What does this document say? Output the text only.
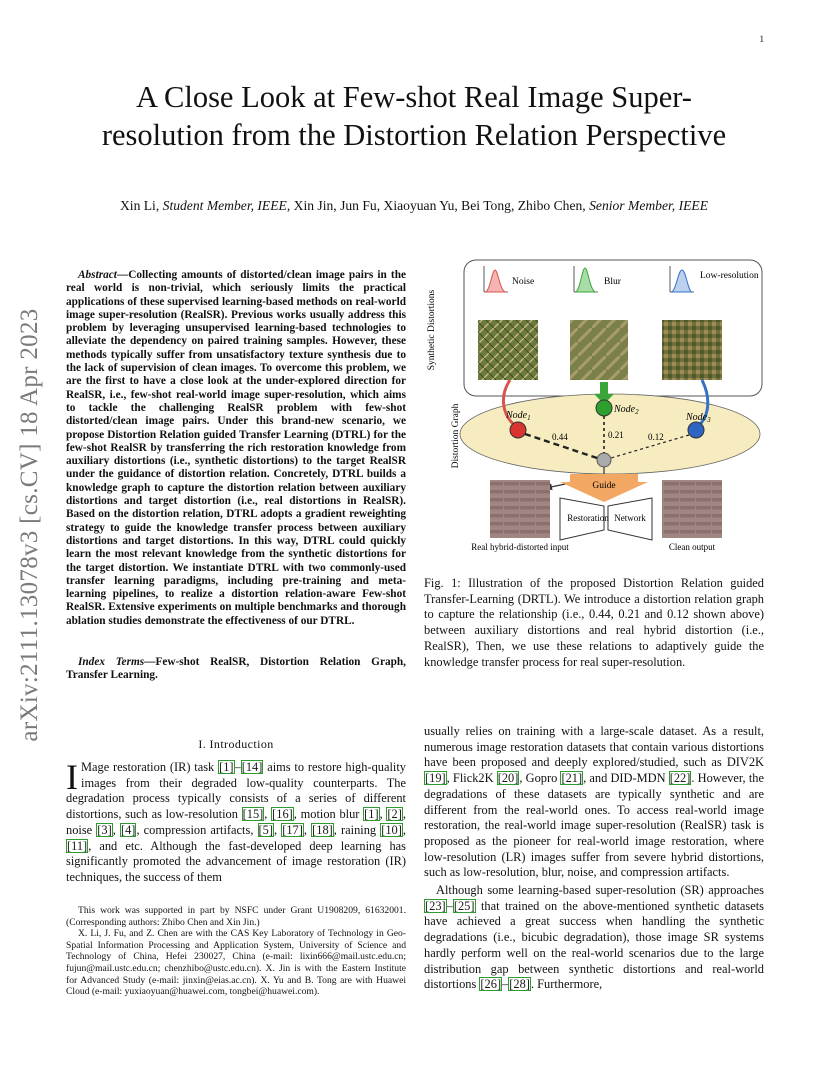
1
arXiv:2111.13078v3 [cs.CV] 18 Apr 2023
A Close Look at Few-shot Real Image Super-resolution from the Distortion Relation Perspective
Xin Li, Student Member, IEEE, Xin Jin, Jun Fu, Xiaoyuan Yu, Bei Tong, Zhibo Chen, Senior Member, IEEE
Abstract—Collecting amounts of distorted/clean image pairs in the real world is non-trivial, which seriously limits the practical applications of these supervised learning-based methods on real-world image super-resolution (RealSR). Previous works usually address this problem by leveraging unsupervised learning-based technologies to alleviate the dependency on paired training samples. However, these methods typically suffer from unsatisfactory texture synthesis due to the lack of supervision of clean images. To overcome this problem, we are the first to have a close look at the under-explored direction for RealSR, i.e., few-shot real-world image super-resolution, which aims to tackle the challenging RealSR problem with few-shot distorted/clean image pairs. Under this brand-new scenario, we propose Distortion Relation guided Transfer Learning (DTRL) for the few-shot RealSR by transferring the rich restoration knowledge from auxiliary distortions (i.e., synthetic distortions) to the target RealSR under the guidance of distortion relation. Concretely, DTRL builds a knowledge graph to capture the distortion relation between auxiliary distortions and target distortion (i.e., real distortions in RealSR). Based on the distortion relation, DTRL adopts a gradient reweighting strategy to guide the knowledge transfer process between auxiliary distortions and target distortions. In this way, DTRL could quickly learn the most relevant knowledge from the synthetic distortions for the target distortion. We instantiate DTRL with two commonly-used transfer learning paradigms, including pre-training and meta-learning pipelines, to realize a distortion relation-aware Few-shot RealSR. Extensive experiments on multiple benchmarks and thorough ablation studies demonstrate the effectiveness of our DTRL.
Index Terms—Few-shot RealSR, Distortion Relation Graph, Transfer Learning.
I. Introduction
I Mage restoration (IR) task [1]–[14] aims to restore high-quality images from their degraded low-quality counterparts. The degradation process typically consists of a series of different distortions, such as low-resolution [15], [16], motion blur [1], [2], noise [3], [4], compression artifacts, [5], [17], [18], raining [10], [11], and etc. Although the fast-developed deep learning has significantly promoted the advancement of image restoration (IR) techniques, the success of them

This work was supported in part by NSFC under Grant U1908209, 61632001. (Corresponding authors: Zhibo Chen and Xin Jin.)

X. Li, J. Fu, and Z. Chen are with the CAS Key Laboratory of Technology in Geo-Spatial Information Processing and Application System, University of Science and Technology of China, Hefei 230027, China (e-mail: lixin666@mail.ustc.edu.cn; fujun@mail.ustc.edu.cn; chenzhibo@ustc.edu.cn). X. Jin is with the Eastern Institute for Advanced Study (e-mail: jinxin@eias.ac.cn). X. Yu and B. Tong are with Huawei Cloud (e-mail: yuxiaoyuan@huawei.com, tongbei@huawei.com).

Synthetic Distortions
Noise	Blur
Low-resolution
Distortion Graph	Node$_1$
Node$_2$	Node$_3$
0.44	0.21	0.12
Guide
Real hybrid-distorted input
Restoration Network
Clean output
Fig. 1: Illustration of the proposed Distortion Relation guided Transfer-Learning (DRTL). We introduce a distortion relation graph to capture the relationship (i.e., 0.44, 0.21 and 0.12 shown above) between auxiliary distortions and real hybrid distortion (i.e., RealSR), Then, we use these relations to adaptively guide the knowledge transfer process for real super-resolution.

usually relies on training with a large-scale dataset. As a result, numerous image restoration datasets that contain various distortions have been proposed and deeply explored/studied, such as DIV2K [19], Flick2K [20], Gopro [21], and DID-MDN [22]. However, the degradations of these datasets are typically synthetic and are different from the real-world ones. To access real-world image restoration, the real-world image super-resolution (RealSR) task is proposed as the pioneer for real-world image restoration, where low-resolution (LR) images suffer from severe hybrid distortions, such as low-resolution, blur, noise, and compression artifacts.

Although some learning-based super-resolution (SR) approaches [23]–[25] that trained on the above-mentioned synthetic datasets have achieved a great success when handling the synthetic degradations (i.e., bicubic degradation), those image SR systems hardly perform well on the real-world scenarios due to the large distribution gap between synthetic distortions and real-world distortions [26]–[28]. Furthermore,
